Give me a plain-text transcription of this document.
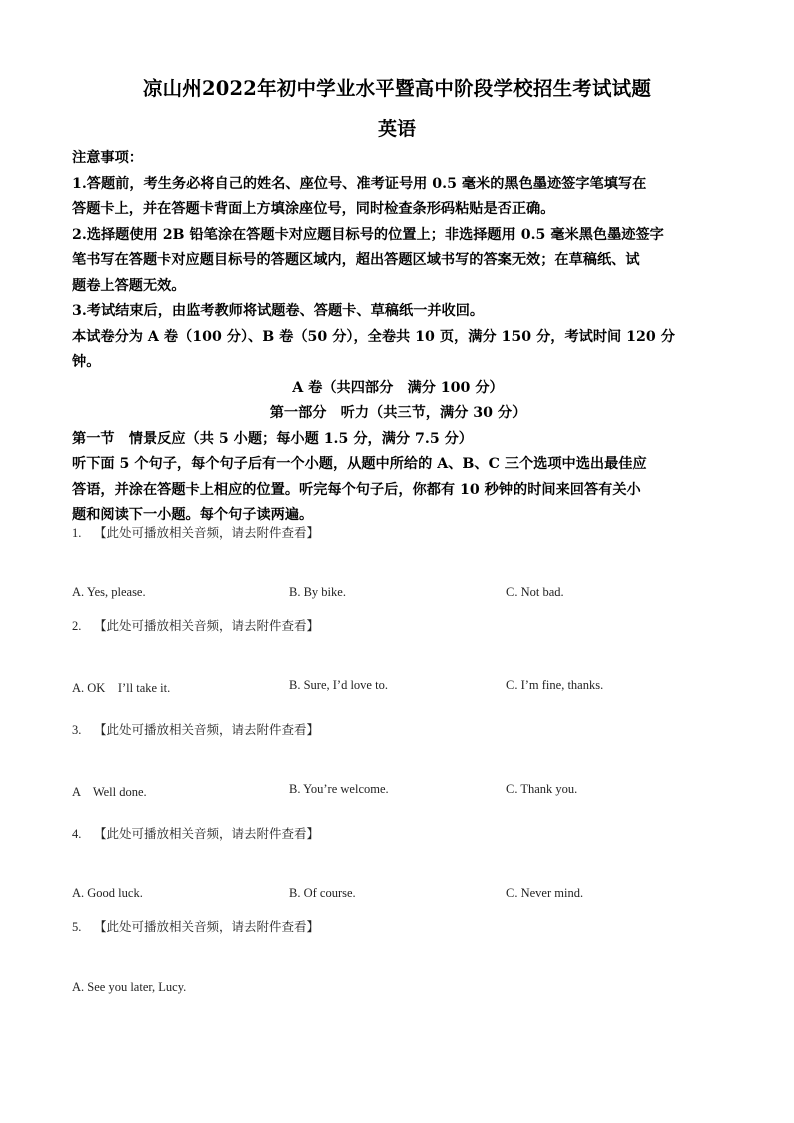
凉山州2022年初中学业水平暨高中阶段学校招生考试试题
英语

注意事项：

1.答题前，考生务必将自己的姓名、座位号、准考证号用 0.5 毫米的黑色墨迹签字笔填写在

答题卡上，并在答题卡背面上方填涂座位号，同时检查条形码粘贴是否正确。

2.选择题使用 2B 铅笔涂在答题卡对应题目标号的位置上；非选择题用 0.5 毫米黑色墨迹签字

笔书写在答题卡对应题目标号的答题区域内，超出答题区域书写的答案无效；在草稿纸、试

题卷上答题无效。

3.考试结束后，由监考教师将试题卷、答题卡、草稿纸一并收回。

本试卷分为 A 卷（100 分）、B 卷（50 分），全卷共 10 页，满分 150 分，考试时间 120 分

钟。

A 卷（共四部分　满分 100 分）

第一部分　听力（共三节，满分 30 分）

第一节　情景反应（共 5 小题；每小题 1.5 分，满分 7.5 分）

听下面 5 个句子，每个句子后有一个小题，从题中所给的 A、B、C 三个选项中选出最佳应

答语，并涂在答题卡上相应的位置。听完每个句子后，你都有 10 秒钟的时间来回答有关小

题和阅读下一小题。每个句子读两遍。

1. 【此处可播放相关音频，请去附件查看】
A. Yes, please.	B. By bike.	C. Not bad.
2. 【此处可播放相关音频，请去附件查看】
A. OK　I’ll take it.	B. Sure, I’d love to.	C. I’m fine, thanks.
3. 【此处可播放相关音频，请去附件查看】
A　Well done.	B. You’re welcome.	C. Thank you.
4. 【此处可播放相关音频，请去附件查看】
A. Good luck.	B. Of course.	C. Never mind.
5. 【此处可播放相关音频，请去附件查看】
A. See you later, Lucy.
